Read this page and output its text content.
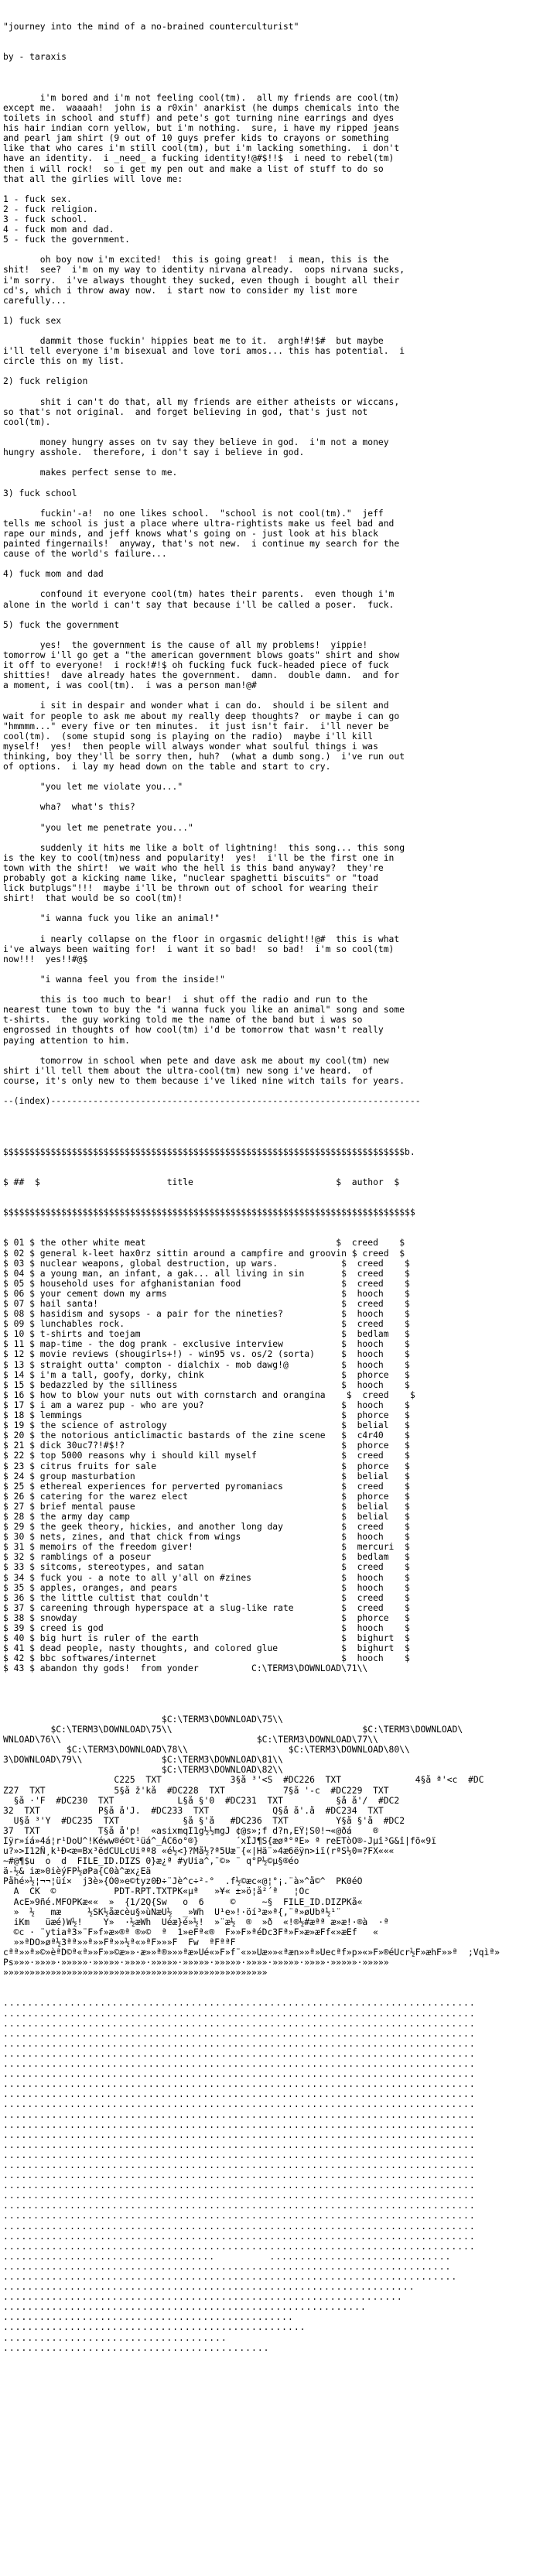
"journey into the mind of a no-brained counterculturist"

by - taraxis

i'm bored and i'm not feeling cool(tm).  all my friends are cool(tm)
except me.  waaaah!  john is a r0xin' anarkist (he dumps chemicals into the
toilets in school and stuff) and pete's got turning nine earrings and dyes
his hair indian corn yellow, but i'm nothing.  sure, i have my ripped jeans
and pearl jam shirt (9 out of 10 guys prefer kids to crayons or something
like that who cares i'm still cool(tm), but i'm lacking something.  i don't
have an identity.  i _need_ a fucking identity!@#$!!$  i need to rebel(tm)
then i will rock!  so i get my pen out and make a list of stuff to do so
that all the girlies will love me:
1 - fuck sex.
2 - fuck religion.
3 - fuck school.
4 - fuck mom and dad.
5 - fuck the government.
oh boy now i'm excited!  this is going great!  i mean, this is the
shit!  see?  i'm on my way to identity nirvana already.  oops nirvana sucks,
i'm sorry.  i've always thought they sucked, even though i bought all their
cd's, which i throw away now.  i start now to consider my list more
carefully...
1) fuck sex
dammit those fuckin' hippies beat me to it.  argh!#!$#  but maybe
i'll tell everyone i'm bisexual and love tori amos... this has potential.  i
circle this on my list.
2) fuck religion
shit i can't do that, all my friends are either atheists or wiccans,
so that's not original.  and forget believing in god, that's just not
cool(tm).
money hungry asses on tv say they believe in god.  i'm not a money
hungry asshole.  therefore, i don't say i believe in god.
makes perfect sense to me.
3) fuck school
fuckin'-a!  no one likes school.  "school is not cool(tm)."  jeff
tells me school is just a place where ultra-rightists make us feel bad and
rape our minds, and jeff knows what's going on - just look at his black
painted fingernails!  anyway, that's not new.  i continue my search for the
cause of the world's failure...
4) fuck mom and dad
confound it everyone cool(tm) hates their parents.  even though i'm
alone in the world i can't say that because i'll be called a poser.  fuck.
5) fuck the government
yes!  the government is the cause of all my problems!  yippie!
tomorrow i'll go get a "the american government blows goats" shirt and show
it off to everyone!  i rock!#!$ oh fucking fuck fuck-headed piece of fuck
shitties!  dave already hates the government.  damn.  double damn.  and for
a moment, i was cool(tm).  i was a person man!@#
i sit in despair and wonder what i can do.  should i be silent and
wait for people to ask me about my really deep thoughts?  or maybe i can go
"hmmmm..." every five or ten minutes.  it just isn't fair.  i'll never be
cool(tm).  (some stupid song is playing on the radio)  maybe i'll kill
myself!  yes!  then people will always wonder what soulful things i was
thinking, boy they'll be sorry then, huh?  (what a dumb song.)  i've run out
of options.  i lay my head down on the table and start to cry.
"you let me violate you..."
wha?  what's this?
"you let me penetrate you..."
suddenly it hits me like a bolt of lightning!  this song... this song
is the key to cool(tm)ness and popularity!  yes!  i'll be the first one in
town with the shirt!  we wait who the hell is this band anyway?  they're
probably got a kicking name like, "nuclear spaghetti biscuits" or "toad
lick butplugs"!!!  maybe i'll be thrown out of school for wearing their
shirt!  that would be so cool(tm)!
"i wanna fuck you like an animal!"
i nearly collapse on the floor in orgasmic delight!!@#  this is what
i've always been waiting for!  i want it so bad!  so bad!  i'm so cool(tm)
now!!!  yes!!#@$
"i wanna feel you from the inside!"
this is too much to bear!  i shut off the radio and run to the
nearest tune town to buy the "i wanna fuck you like an animal" song and some
t-shirts.  the guy working told me the name of the band but i was so
engrossed in thoughts of how cool(tm) i'd be tomorrow that wasn't really
paying attention to him.
tomorrow in school when pete and dave ask me about my cool(tm) new
shirt i'll tell them about the ultra-cool(tm) new song i've heard.  of
course, it's only new to them because i've liked nine witch tails for years.
--(index)----------------------------------------------------------------------

$$$$$$$$$$$$$$$$$$$$$$$$$$$$$$$$$$$$$$$$$$$$$$$$$$$$$$$$$$$$$$$$$$$$$$$$$$$$b.

$ ##  $                        title                           $  author  $

$$$$$$$$$$$$$$$$$$$$$$$$$$$$$$$$$$$$$$$$$$$$$$$$$$$$$$$$$$$$$$$$$$$$$$$$$$$$$$

$ 01 $ the other white meat                                    $  creed    $
$ 02 $ general k-leet hax0rz sittin around a campfire and groovin $ creed  $
$ 03 $ nuclear weapons, global destruction, up wars.            $  creed    $
$ 04 $ a young man, an infant, a gak... all living in sin       $  creed    $
$ 05 $ household uses for afghanistanian food                   $  creed    $
$ 06 $ your cement down my arms                                 $  hooch    $
$ 07 $ hail santa!                                              $  creed    $
$ 08 $ hasidism and sysops - a pair for the nineties?           $  hooch    $
$ 09 $ lunchables rock.                                         $  creed    $
$ 10 $ t-shirts and toejam                                      $  bedlam   $
$ 11 $ map-time - the dog prank - exclusive interview           $  hooch    $
$ 12 $ movie reviews (shougirls+!) - win95 vs. os/2 (sorta)     $  hooch    $
$ 13 $ straight outta' compton - dialchix - mob dawg!@          $  hooch    $
$ 14 $ i'm a tall, goofy, dorky, chink                          $  phorce   $
$ 15 $ bedazzled by the silliness                               $  hooch    $
$ 16 $ how to blow your nuts out with cornstarch and orangina    $  creed    $
$ 17 $ i am a warez pup - who are you?                          $  hooch    $
$ 18 $ lemmings                                                 $  phorce   $
$ 19 $ the science of astrology                                 $  belial   $
$ 20 $ the notorious anticlimactic bastards of the zine scene   $  c4r40    $
$ 21 $ dick 30uc7?!#$!?                                         $  phorce   $
$ 22 $ top 5000 reasons why i should kill myself                $  creed    $
$ 23 $ citrus fruits for sale                                   $  phorce   $
$ 24 $ group masturbation                                       $  belial   $
$ 25 $ ethereal experiences for perverted pyromaniacs           $  creed    $
$ 26 $ catering for the warez elect                             $  phorce   $
$ 27 $ brief mental pause                                       $  belial   $
$ 28 $ the army day camp                                        $  belial   $
$ 29 $ the geek theory, hickies, and another long day           $  creed    $
$ 30 $ nets, zines, and that chick from wings                   $  hooch    $
$ 31 $ memoirs of the freedom giver!                            $  mercuri  $
$ 32 $ ramblings of a poseur                                    $  bedlam   $
$ 33 $ sitcoms, stereotypes, and satan                          $  creed    $
$ 34 $ fuck you - a note to all y'all on #zines                 $  hooch    $
$ 35 $ apples, oranges, and pears                               $  hooch    $
$ 36 $ the little cultist that couldn't                         $  creed    $
$ 37 $ careening through hyperspace at a slug-like rate         $  creed    $
$ 38 $ snowday                                                  $  phorce   $
$ 39 $ creed is god                                             $  hooch    $
$ 40 $ big hurt is ruler of the earth                           $  bighurt  $
$ 41 $ dead people, nasty thoughts, and colored glue            $  bighurt  $
$ 42 $ bbc softwares/internet                                   $  hooch    $
$ 43 $ abandon thy gods!  from yonder          C:\TERM3\DOWNLOAD\71\\

$C:\TERM3\DOWNLOAD\75\\
$C:\TERM3\DOWNLOAD\75\\                                    $C:\TERM3\DOWNLOAD\
WNLOAD\76\\                                     $C:\TERM3\DOWNLOAD\77\\
$C:\TERM3\DOWNLOAD\78\\                   $C:\TERM3\DOWNLOAD\80\\
3\DOWNLOAD\79\\               $C:\TERM3\DOWNLOAD\81\\
$C:\TERM3\DOWNLOAD\82\\
C225  TXT             3§å ³'<S  #DC226  TXT              4§å ª'<c  #DC
Z27  TXT             5§å ž'kå  #DC228  TXT           7§å '-c  #DC229  TXT
§å ·'F  #DC230  TXT            L§å §'0  #DC231  TXT          §å å'/  #DC2
32  TXT           P§å å'J.  #DC233  TXT            Q§å å'.å  #DC234  TXT
U§å ³'Y  #DC235  TXT            §å §'å   #DC236  TXT         Y§å §'å  #DC2
37  TXT           T§å å'p!  «asixmqI1g½½mgJ ¢@s»;f d?n,EŸ¦S0!¬«@ðá    ®
Iÿr»íá»4á¦r¹DoU^!Kéww®é©t¹üá^_ÁC6o°®}       ´xÏJ¶S{æøª°ªE» ª reETòO®-Jµî³G&î|fõ«9ï
u?»>I12Ñ¸k¹Ð<æ=Bx³ëdCULcUiªª8 «é½<}?Må½?ª5Uæ¨{«|Hä¨»4æ6ëÿn>iï(rªS½0=?FX«««
~#@¶$u  o  d  FILE_ID.DIZS 0}æ¿ª #yUia^,¨©» ¨ q°P½©µ§®éo
ä-½& iæ»0ièýFP½øPa{C0à^æx¿Eä
Påhé»½¦¬¬¦üí×  j3è»{Ò0»e©tyz0Ð÷¨Jè^c÷²-°  .f½©æc«@¦°¡.¨à»^å©^  PK0éÕ
A  CK  ©           PDT-RPT.TXTPK«µª   »¥« ±»ö¦å²´ª   ¦Oc
AcE»9ñé.MFOPKæ««  »  {1/2Q{Sw   o  6     ©     ~§  FILE_ID.DIZPKå«
»  ½   mæ     ½SK½åæcèu§»ùNæU½  _»Wh  U¹e»!·öí³æ»ª{,¨ª»øUbª½¹¨
iKm   üæé)W½!    Y»  ·½æWh  Uéæ}é»½!  »¨æ½  ®  »ð  «!®½#æªª æ»æ!·®à  ·ª
©c · ¨ytiaª3»¨F»f»æ»®ª ®»©  ª  1»eFª«®  F»»F»ªéDc3Fª»F»æ»æFf«»æEf   «
»»ªDO»øª½3ªª»»ª»»Fª»»½ª«»ªF»»»F  Fw  ªFªªF
cªª»»ª»©»èªD©ª«ª»»F»»©æ»»·æ»»ª®»»»ªæ»Ué«»F»f¨«»»Uæ»»«ªæn»»ª»Uecªf»p»«»F»®éUcr½F»æhF»»ª  ;Vqìª»
Ps»»»·»»»»·»»»»»·»»»»»·»»»»·»»»»»·»»»»»·»»»»»·»»»»·»»»»»·»»»»·»»»»»·»»»»»
»»»»»»»»»»»»»»»»»»»»»»»»»»»»»»»»»»»»»»»»»»»»»»»»»»

..............................................................................
..............................................................................
..............................................................................
..............................................................................
..............................................................................
..............................................................................
..............................................................................
..............................................................................
..............................................................................
..............................................................................
..............................................................................
..............................................................................
..............................................................................
..............................................................................
..............................................................................
..............................................................................
..............................................................................
..............................................................................
..............................................................................
..............................................................................
..............................................................................
..............................................................................
..............................................................................
..............................................................................
..............................................................................
...................................         ..............................
..........................................................................
...........................................................................
....................................................................
..................................................................
............................................................
................................................
..................................................
.....................................
............................................
